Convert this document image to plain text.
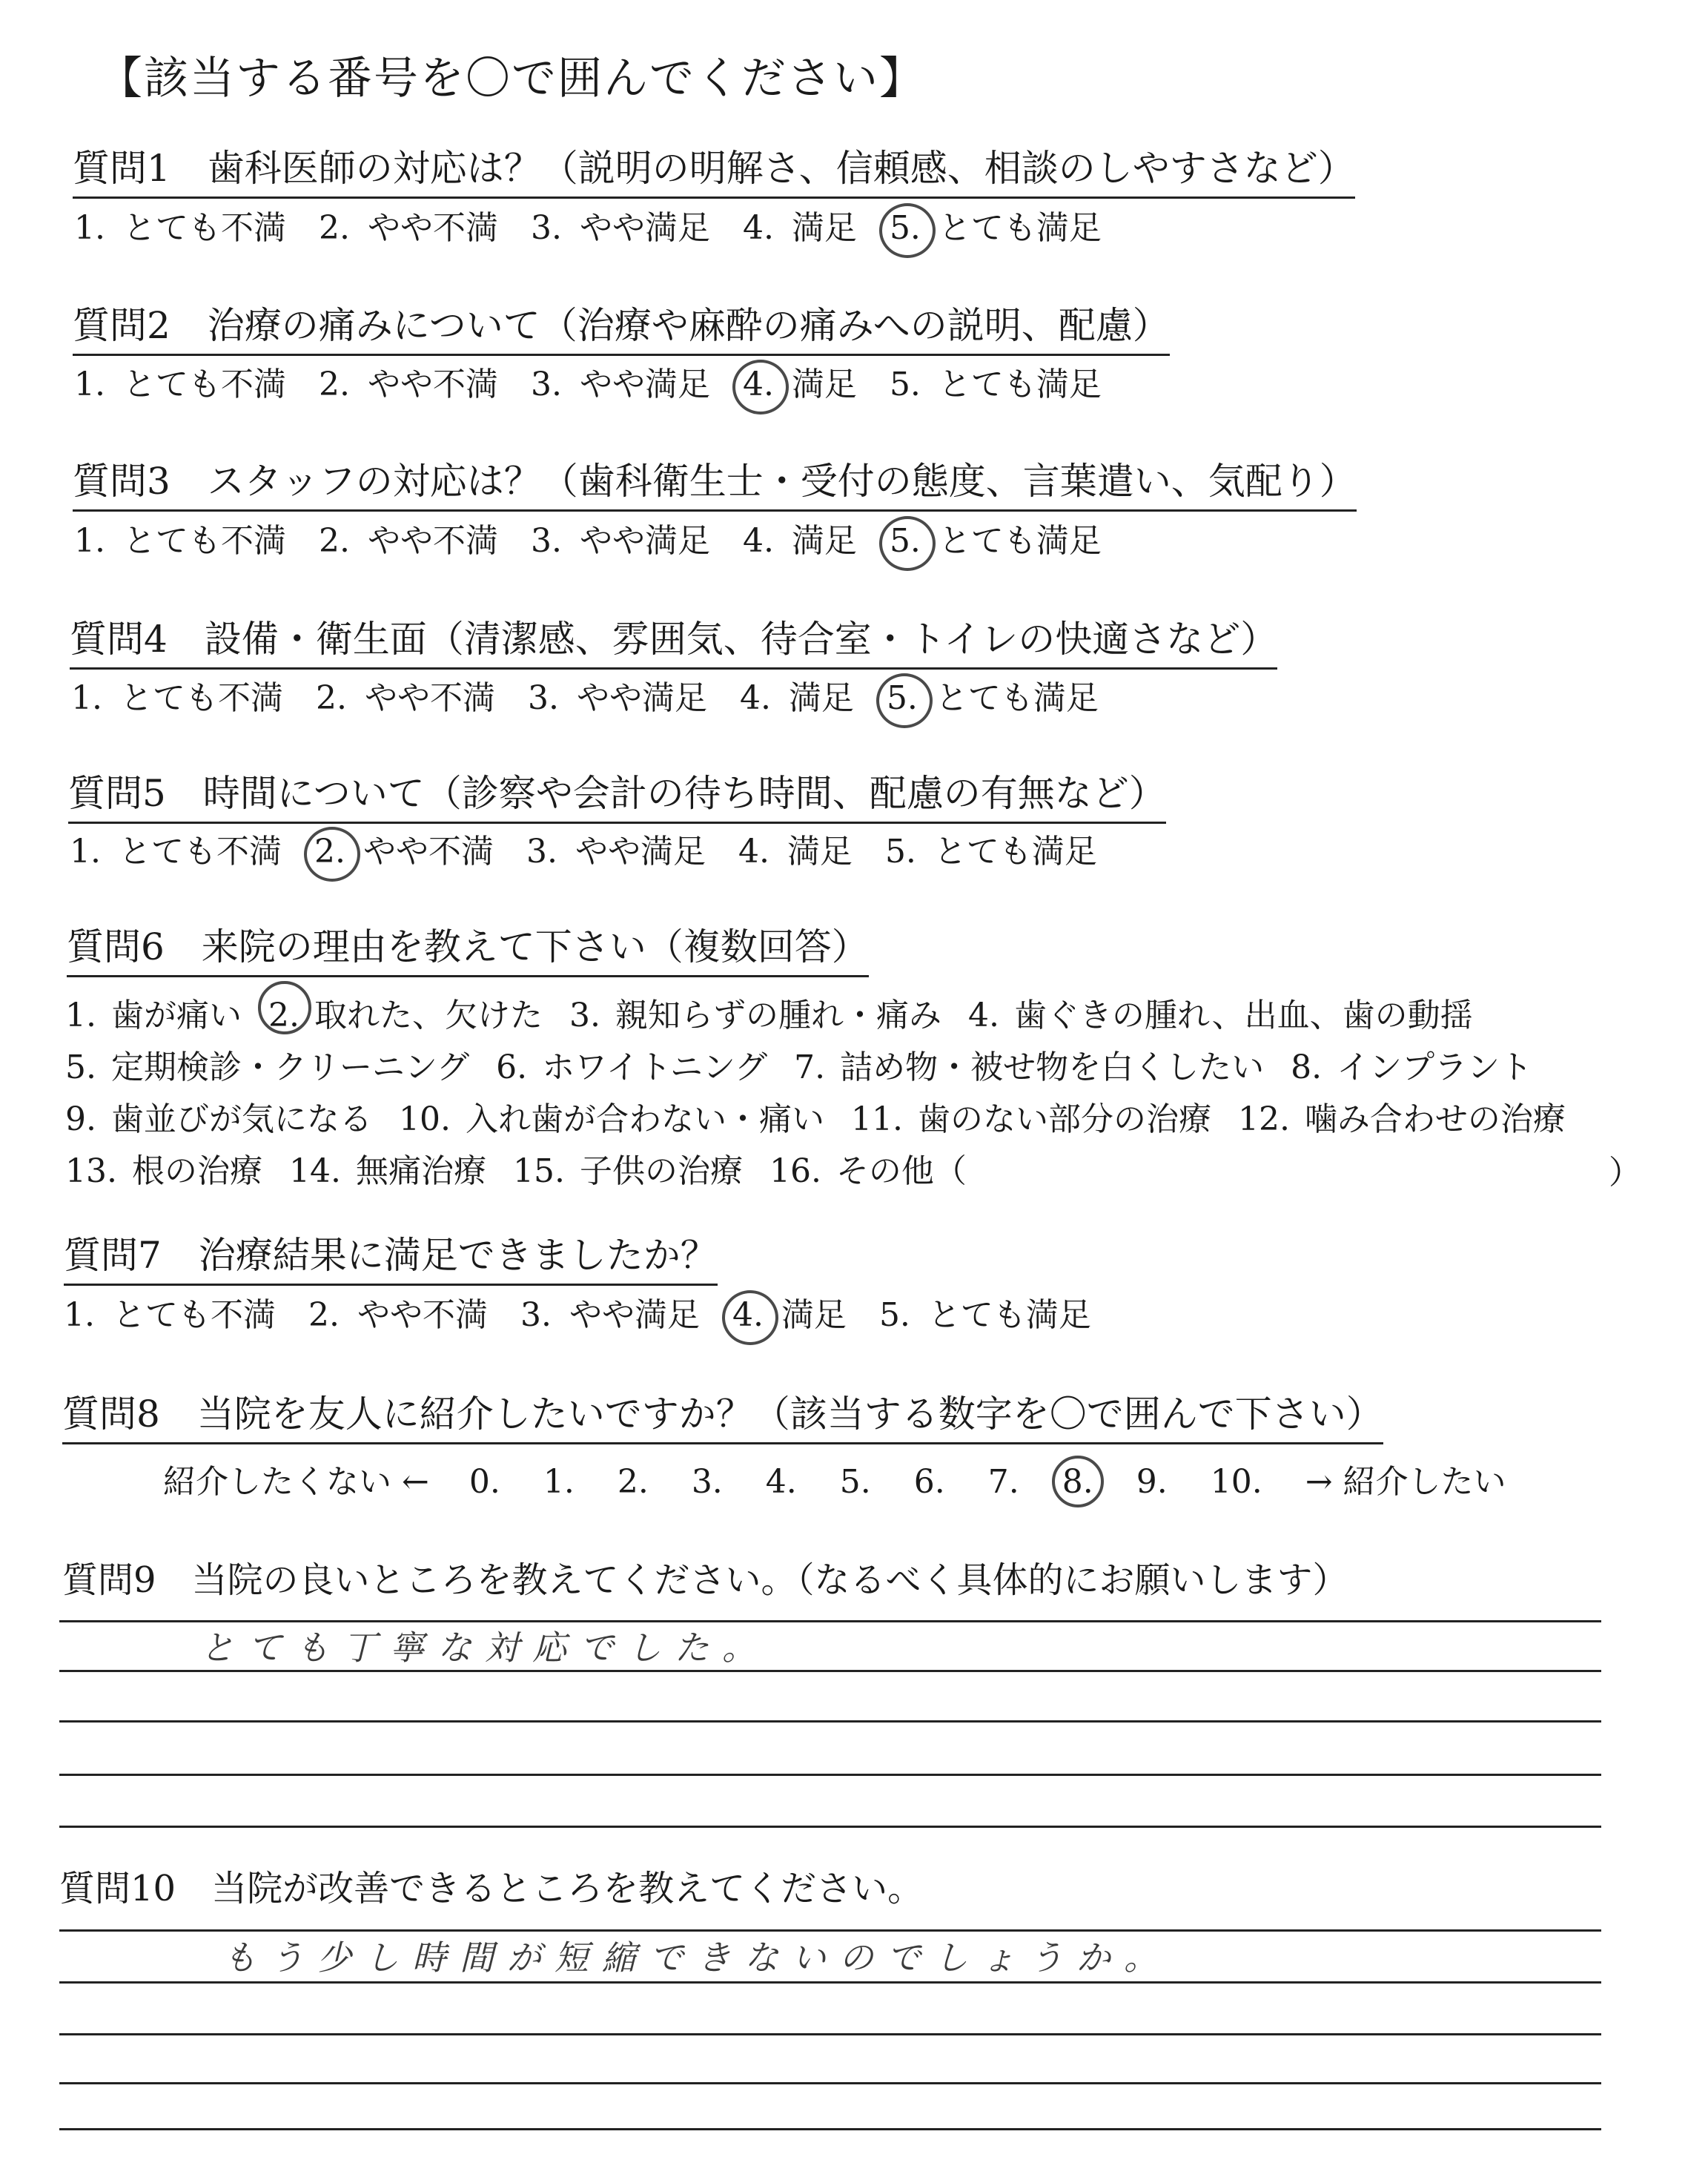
【該当する番号を〇で囲んでください】
質問1　歯科医師の対応は？（説明の明解さ、信頼感、相談のしやすさなど）
1. とても不満 2. やや不満 3. やや満足 4. 満足 5. とても満足
質問2　治療の痛みについて（治療や麻酔の痛みへの説明、配慮）
1. とても不満 2. やや不満 3. やや満足 4. 満足 5. とても満足
質問3　スタッフの対応は？（歯科衛生士・受付の態度、言葉遣い、気配り）
1. とても不満 2. やや不満 3. やや満足 4. 満足 5. とても満足
質問4　設備・衛生面（清潔感、雰囲気、待合室・トイレの快適さなど）
1. とても不満 2. やや不満 3. やや満足 4. 満足 5. とても満足
質問5　時間について（診察や会計の待ち時間、配慮の有無など）
1. とても不満 2. やや不満 3. やや満足 4. 満足 5. とても満足
質問6　来院の理由を教えて下さい（複数回答）
1. 歯が痛い 2. 取れた、欠けた 3. 親知らずの腫れ・痛み 4. 歯ぐきの腫れ、出血、歯の動揺
5. 定期検診・クリーニング 6. ホワイトニング 7. 詰め物・被せ物を白くしたい 8. インプラント
9. 歯並びが気になる 10. 入れ歯が合わない・痛い 11. 歯のない部分の治療 12. 噛み合わせの治療
13. 根の治療 14. 無痛治療 15. 子供の治療 16. その他（	）
質問7　治療結果に満足できましたか？
1. とても不満 2. やや不満 3. やや満足 4. 満足 5. とても満足
質問8　当院を友人に紹介したいですか？（該当する数字を〇で囲んで下さい）
紹介したくない ← 0. 1. 2. 3. 4. 5. 6. 7. 8. 9. 10. → 紹介したい
質問9　当院の良いところを教えてください。（なるべく具体的にお願いします）
とても丁寧な対応でした。
質問10　当院が改善できるところを教えてください。
もう少し時間が短縮できないのでしょうか。
